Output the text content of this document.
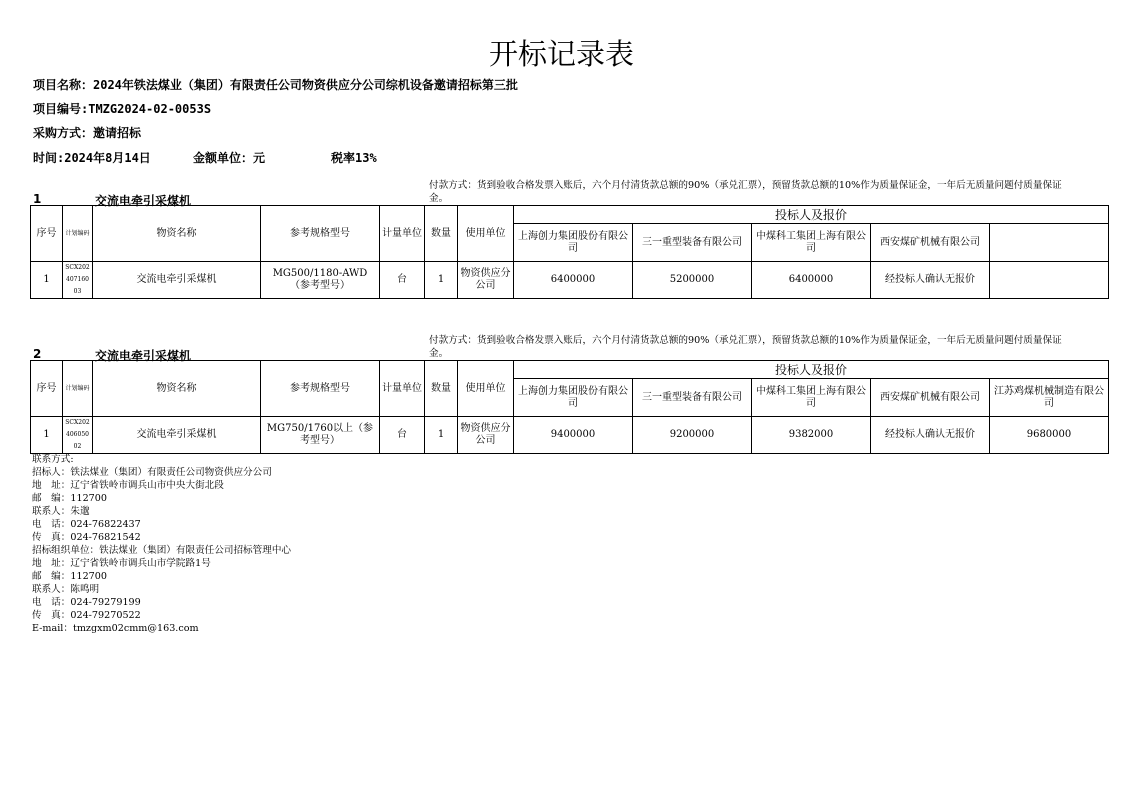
开标记录表
项目名称：2024年铁法煤业（集团）有限责任公司物资供应分公司综机设备邀请招标第三批
项目编号:TMZG2024-02-0053S
采购方式：邀请招标
时间:2024年8月14日	金额单位：元	税率13%
1	交流电牵引采煤机
付款方式：货到验收合格发票入账后，六个月付清货款总额的90%（承兑汇票），预留货款总额的10%作为质量保证金，一年后无质量问题付质量保证金。
序号	计划编码	物资名称	参考规格型号	计量单位	数量	使用单位	投标人及报价				
							上海创力集团股份有限公司	三一重型装备有限公司	中煤科工集团上海有限公司	西安煤矿机械有限公司	
1	SCX20240716003	交流电牵引采煤机	MG500/1180-AWD（参考型号）	台	1	物资供应分公司	6400000	5200000	6400000	经投标人确认无报价	
2	交流电牵引采煤机
付款方式：货到验收合格发票入账后，六个月付清货款总额的90%（承兑汇票），预留货款总额的10%作为质量保证金，一年后无质量问题付质量保证金。
序号	计划编码	物资名称	参考规格型号	计量单位	数量	使用单位	投标人及报价				
							上海创力集团股份有限公司	三一重型装备有限公司	中煤科工集团上海有限公司	西安煤矿机械有限公司	江苏鸡煤机械制造有限公司
1	SCX20240605002	交流电牵引采煤机	MG750/1760以上（参考型号）	台	1	物资供应分公司	9400000	9200000	9382000	经投标人确认无报价	9680000
联系方式:
招标人：铁法煤业（集团）有限责任公司物资供应分公司
地　址：辽宁省铁岭市调兵山市中央大街北段
邮　编：112700
联系人：朱邈
电　话：024-76822437
传　真：024-76821542
招标组织单位：铁法煤业（集团）有限责任公司招标管理中心
地　址：辽宁省铁岭市调兵山市学院路1号
邮　编：112700
联系人：陈鸣明
电　话：024-79279199
传　真：024-79270522
E-mail：tmzgxm02cmm@163.com
